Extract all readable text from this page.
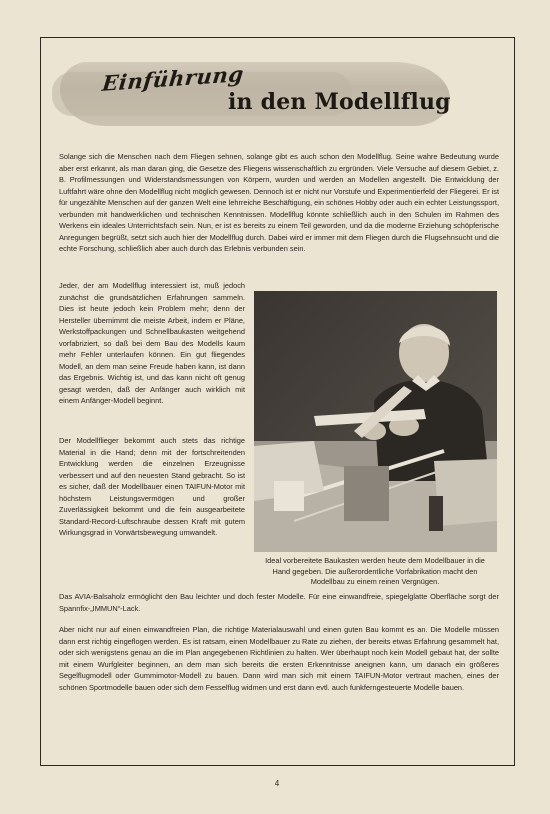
Einführung
in den Modellflug

Solange sich die Menschen nach dem Fliegen sehnen, solange gibt es auch schon den Modellflug. Seine wahre Bedeutung wurde aber erst erkannt, als man daran ging, die Gesetze des Fliegens wissenschaftlich zu ergründen. Viele Versuche auf diesem Gebiet, z. B. Profilmessungen und Widerstandsmessungen von Körpern, wurden und werden an Modellen angestellt. Die Entwicklung der Luftfahrt wäre ohne den Modellflug nicht möglich gewesen. Dennoch ist er nicht nur Vorstufe und Experimentierfeld der Fliegerei. Er ist für ungezählte Menschen auf der ganzen Welt eine lehrreiche Beschäftigung, ein schönes Hobby oder auch ein echter Leistungssport, verbunden mit handwerklichen und technischen Kenntnissen. Modellflug könnte schließlich auch in den Schulen im Rahmen des Werkens ein ideales Unterrichtsfach sein. Nun, er ist es bereits zu einem Teil geworden, und da die moderne Erziehung schöpferische Anregungen begrüßt, setzt sich auch hier der Modellflug durch. Dabei wird er immer mit dem Fliegen durch die Flugsehnsucht und die echte Forschung, schließlich aber auch durch das Erlebnis verbunden sein.

Jeder, der am Modellflug interessiert ist, muß jedoch zunächst die grundsätzlichen Erfahrungen sammeln. Dies ist heute jedoch kein Problem mehr; denn der Hersteller übernimmt die meiste Arbeit, indem er Pläne, Werkstoffpackungen und Schnellbaukasten weitgehend vorfabriziert, so daß bei dem Bau des Modells kaum mehr Fehler unterlaufen können. Ein gut fliegendes Modell, an dem man seine Freude haben kann, ist dann das Ergebnis. Wichtig ist, und das kann nicht oft genug gesagt werden, daß der Anfänger auch wirklich mit einem Anfänger-Modell beginnt.

Der Modellflieger bekommt auch stets das richtige Material in die Hand; denn mit der fortschreitenden Entwicklung werden die einzelnen Erzeugnisse verbessert und auf den neuesten Stand gebracht. So ist es sicher, daß der Modellbauer einen TAIFUN-Motor mit höchstem Leistungsvermögen und großer Zuverlässigkeit bekommt und die fein ausgearbeitete Standard-Record-Luftschraube dessen Kraft mit gutem Wirkungsgrad in Vorwärtsbewegung umwandelt.

Ideal vorbereitete Baukasten werden heute dem Modellbauer in die Hand gegeben. Die außerordentliche Vorfabrikation macht den Modellbau zu einem reinen Vergnügen.

Das AVIA-Balsaholz ermöglicht den Bau leichter und doch fester Modelle. Für eine einwandfreie, spiegelglatte Oberfläche sorgt der Spannfix-„IMMUN“-Lack.

Aber nicht nur auf einen einwandfreien Plan, die richtige Materialauswahl und einen guten Bau kommt es an. Die Modelle müssen dann erst richtig eingeflogen werden. Es ist ratsam, einen Modellbauer zu Rate zu ziehen, der bereits etwas Erfahrung gesammelt hat, oder sich wenigstens genau an die im Plan angegebenen Richtlinien zu halten. Wer überhaupt noch kein Modell gebaut hat, der sollte mit einem Wurfgleiter beginnen, an dem man sich bereits die ersten Erkenntnisse aneignen kann, um danach ein größeres Segelflugmodell oder Gummimotor-Modell zu bauen. Dann wird man sich mit einem TAIFUN-Motor vertraut machen, eines der schönen Sportmodelle bauen oder sich dem Fesselflug widmen und erst dann evtl. auch funkferngesteuerte Modelle bauen.

4
